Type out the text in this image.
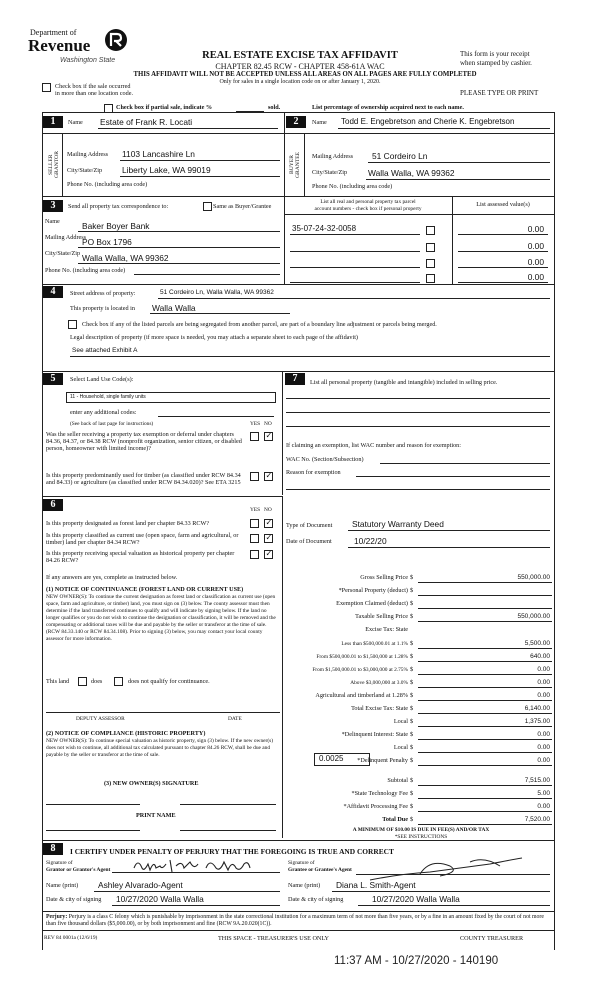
Department of
Revenue
Washington State	REAL ESTATE EXCISE TAX AFFIDAVIT
CHAPTER 82.45 RCW - CHAPTER 458-61A WAC
This form is your receipt
when stamped by cashier.
THIS AFFIDAVIT WILL NOT BE ACCEPTED UNLESS ALL AREAS ON ALL PAGES ARE FULLY COMPLETED
Only for sales in a single location code on or after January 1, 2020.
Check box if the sale occurred
in more than one location code.	PLEASE TYPE OR PRINT
Check box if partial sale, indicate %	sold.	List percentage of ownership acquired next to each name.
1	Name Estate of Frank R. Locati	2	Name Todd E. Engebretson and Cherie K. Engebretson
SELLER GRANTOR Mailing Address 1103 Lancashire Ln
City/State/Zip Liberty Lake, WA 99019
Phone No. (including area code)
BUYER GRANTEE Mailing Address 51 Cordeiro Ln
City/State/Zip Walla Walla, WA 99362
Phone No. (including area code)
3	Send all property tax correspondence to:	Same as Buyer/Grantee
List all real and personal property tax parcel
account numbers - check box if personal property
List assessed value(s)
Name	Baker Boyer Bank
Mailing Address
PO Box 1796
City/State/Zip Walla Walla, WA 99362
Phone No. (including area code)
35-07-24-32-0058	0.00
0.00
0.00
0.00
4	Street address of property:	51 Cordeiro Ln, Walla Walla, WA 99362
This property is located in Walla Walla
Check box if any of the listed parcels are being segregated from another parcel, are part of a boundary line adjustment or parcels being merged.
Legal description of property (if more space is needed, you may attach a separate sheet to each page of the affidavit)
See attached Exhibit A
5	Select Land Use Code(s):
11 - Household, single family units
enter any additional codes:
(See back of last page for instructions)	YES NO
Was the seller receiving a property tax exemption or deferral under chapters 84.36, 84.37, or 84.38 RCW (nonprofit organization, senior citizen, or disabled person, homeowner with limited income)?
✓
Is this property predominantly used for timber (as classified under RCW 84.34 and 84.33) or agriculture (as classified under RCW 84.34.020)? See ETA 3215
✓
7	List all personal property (tangible and intangible) included in selling price.
If claiming an exemption, list WAC number and reason for exemption:
WAC No. (Section/Subsection)
Reason for exemption
6	YES NO
Is this property designated as forest land per chapter 84.33 RCW?
✓
Is this property classified as current use (open space, farm and agricultural, or timber) land per chapter 84.34 RCW?
✓
Is this property receiving special valuation as historical property per chapter 84.26 RCW?
✓
If any answers are yes, complete as instructed below.
(1) NOTICE OF CONTINUANCE (FOREST LAND OR CURRENT USE)
NEW OWNER(S): To continue the current designation as forest land or classification as current use (open space, farm and agriculture, or timber) land, you must sign on (3) below. The county assessor must then determine if the land transferred continues to qualify and will indicate by signing below. If the land no longer qualifies or you do not wish to continue the designation or classification, it will be removed and the compensating or additional taxes will be due and payable by the seller or transferor at the time of sale. (RCW 84.33.140 or RCW 84.34.108). Prior to signing (3) below, you may contact your local county assessor for more information.
This land	does	does not qualify for continuance.
DEPUTY ASSESSOR	DATE
(2) NOTICE OF COMPLIANCE (HISTORIC PROPERTY)
NEW OWNER(S): To continue special valuation as historic property, sign (3) below. If the new owner(s) does not wish to continue, all additional tax calculated pursuant to chapter 84.26 RCW, shall be due and payable by the seller or transferor at the time of sale.
(3) NEW OWNER(S) SIGNATURE
PRINT NAME
Type of Document Statutory Warranty Deed
Date of Document	10/22/20
Gross Selling Price $	550,000.00
*Personal Property (deduct) $
Exemption Claimed (deduct) $
Taxable Selling Price $	550,000.00
Excise Tax: State
Less than $500,000.01 at 1.1% $	5,500.00
From $500,000.01 to $1,500,000 at 1.28% $	640.00
From $1,500,000.01 to $3,000,000 at 2.75% $	0.00
Above $3,000,000 at 3.0% $	0.00
Agricultural and timberland at 1.28% $	0.00
Total Excise Tax: State $	6,140.00
Local $	1,375.00
*Delinquent Interest: State $	0.00
Local $	0.00
*Delinquent Penalty $	0.00
Subtotal $	7,515.00
*State Technology Fee $	5.00
*Affidavit Processing Fee $	0.00
Total Due $	7,520.00
0.0025
A MINIMUM OF $10.00 IS DUE IN FEE(S) AND/OR TAX
*SEE INSTRUCTIONS
8	I CERTIFY UNDER PENALTY OF PERJURY THAT THE FOREGOING IS TRUE AND CORRECT
Signature of
Grantor or Grantor's Agent
Signature of
Grantee or Grantee's Agent
Name (print) Ashley Alvarado-Agent	Name (print) Diana L. Smith-Agent
Date & city of signing 10/27/2020 Walla Walla	Date & city of signing	10/27/2020 Walla Walla
Perjury: Perjury is a class C felony which is punishable by imprisonment in the state correctional institution for a maximum term of not more than five years, or by a fine in an amount fixed by the court of not more than five thousand dollars ($5,000.00), or by both imprisonment and fine (RCW 9A.20.020(1C)).
REV 84 0001a (12/6/19)	THIS SPACE - TREASURER'S USE ONLY	COUNTY TREASURER
11:37 AM - 10/27/2020 - 140190
